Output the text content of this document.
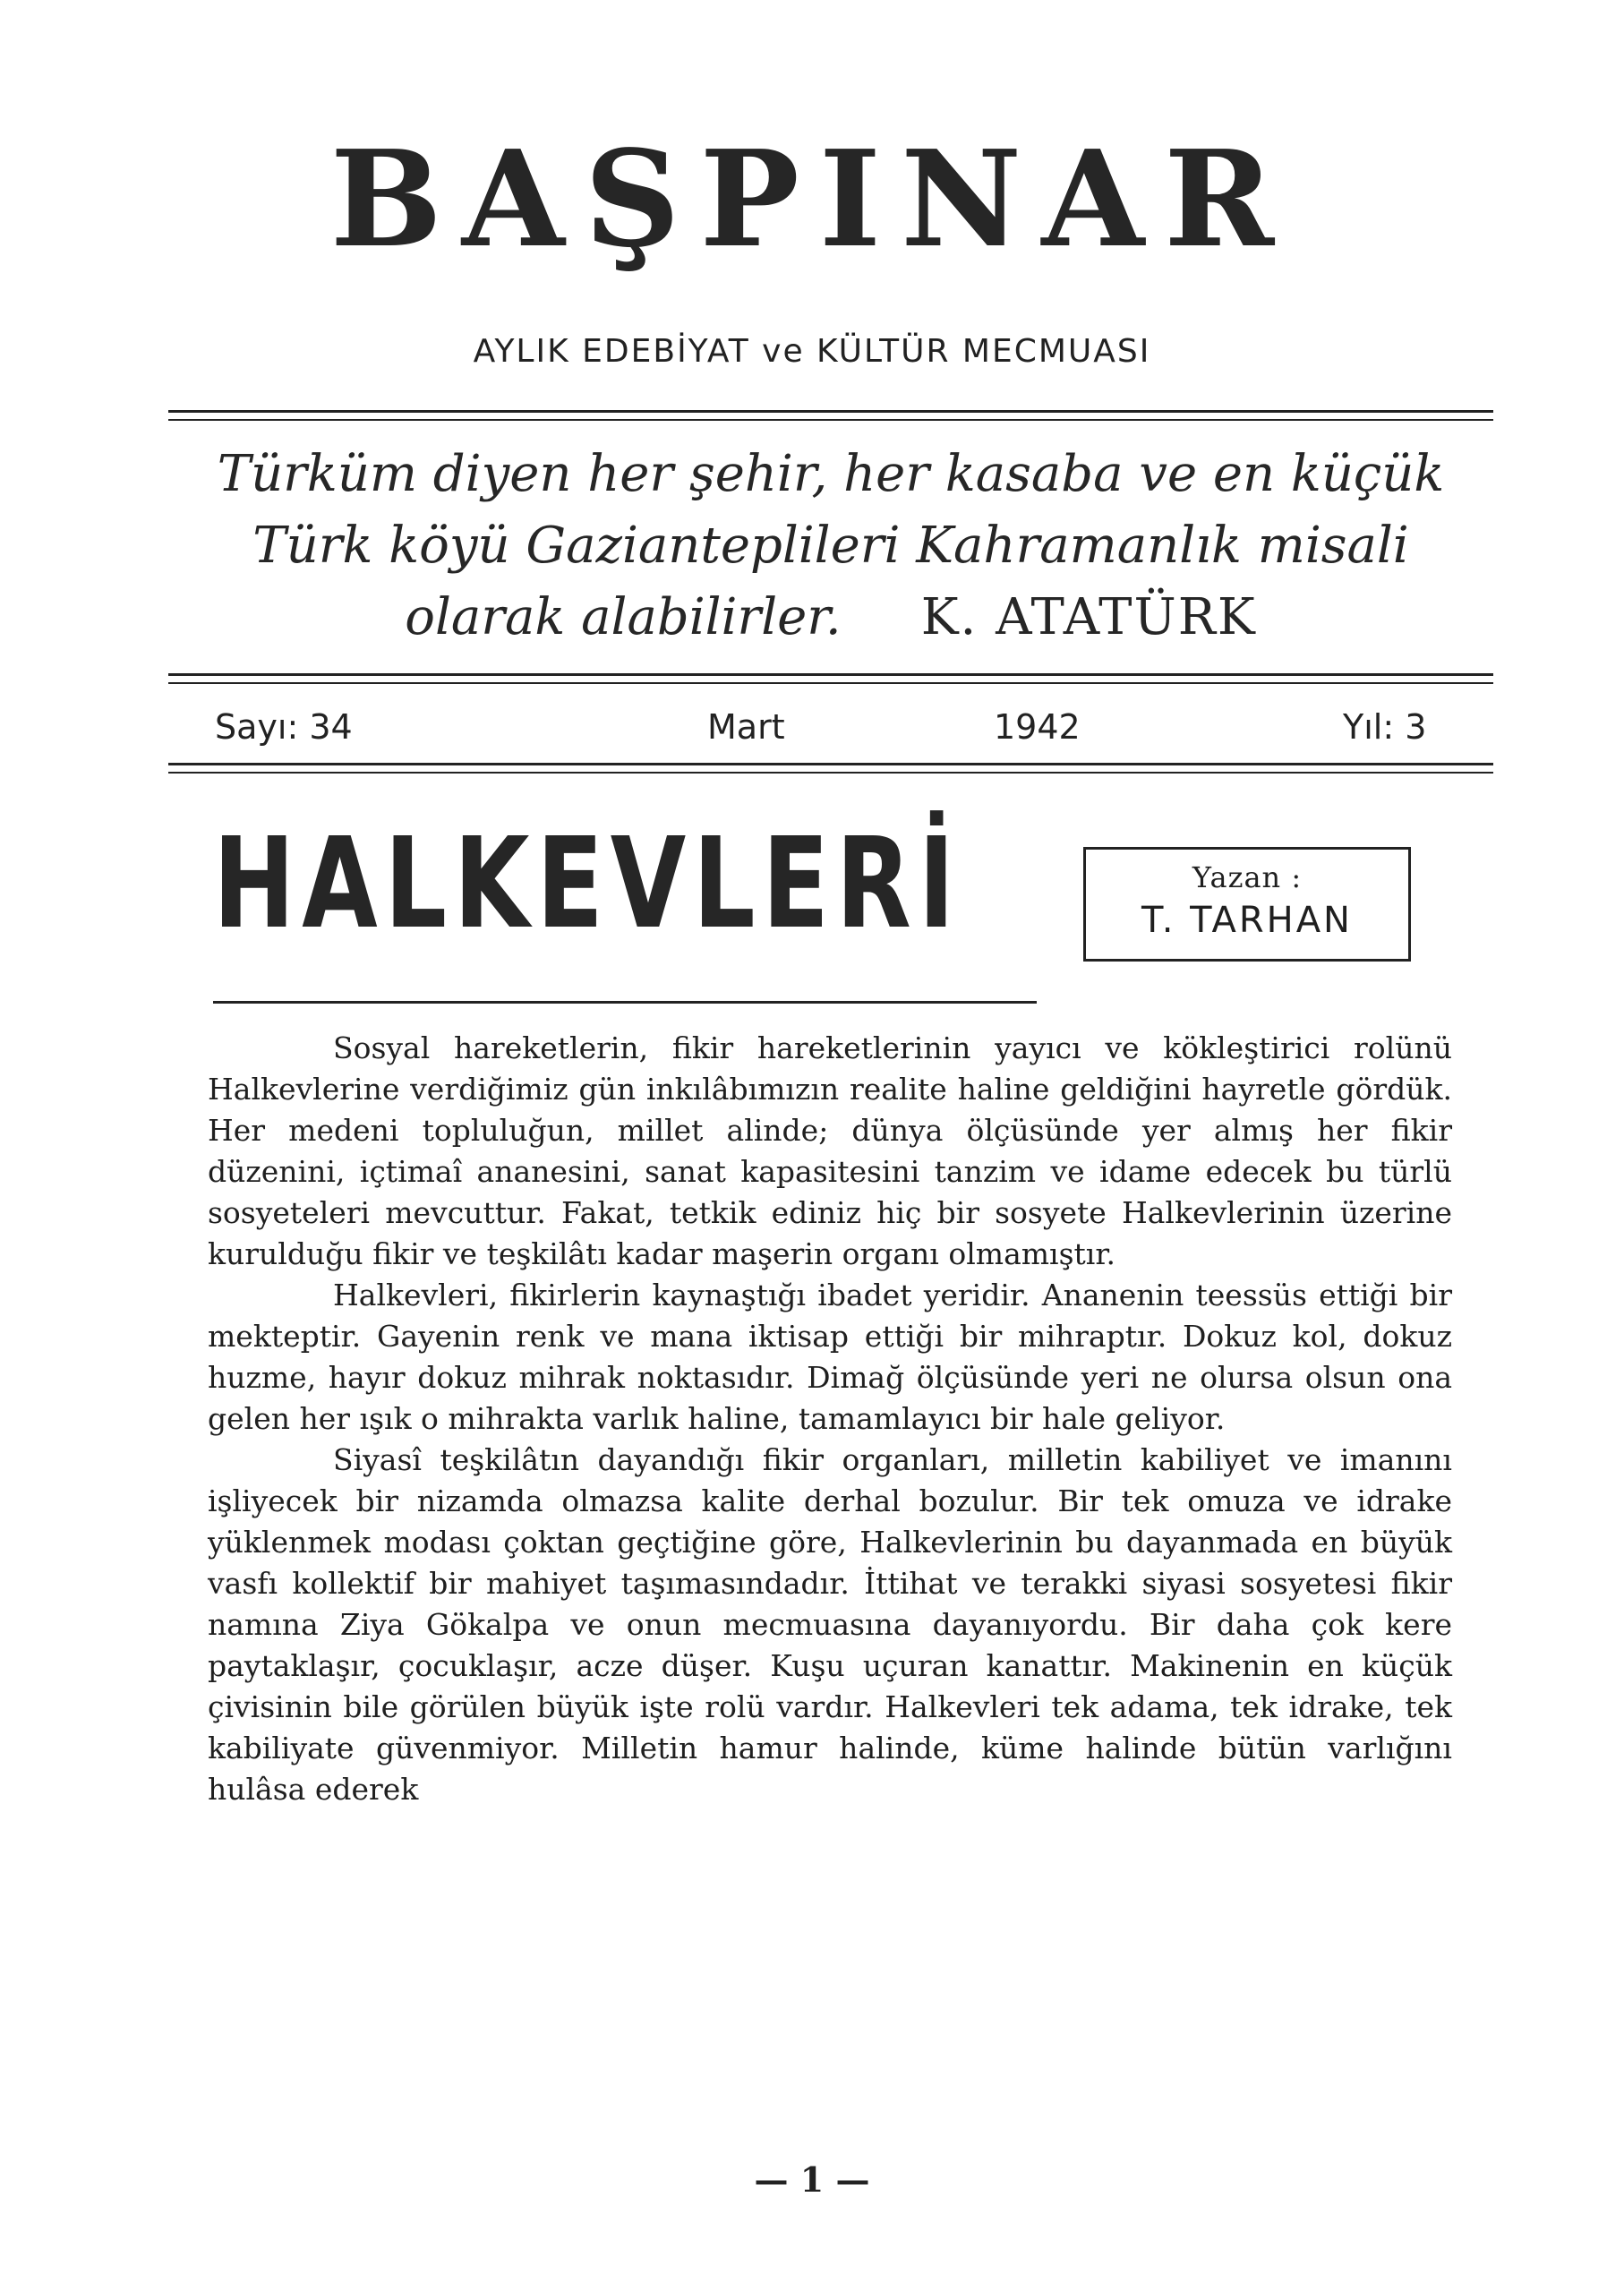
BAŞPINAR
AYLIK EDEBİYAT ve KÜLTÜR MECMUASI
Türküm diyen her şehir, her kasaba ve en küçük
Türk köyü Gazianteplileri Kahramanlık misali
olarak alabilirler. K. ATATÜRK
Sayı: 34	Mart	1942	Yıl: 3
HALKEVLERİ	Yazan :
T. TARHAN

Sosyal hareketlerin, fikir hareketlerinin yayıcı ve kökleştirici rolünü Halkevlerine verdiğimiz gün inkılâbımızın realite haline geldiğini hayretle gördük. Her medeni topluluğun, millet alinde; dünya ölçüsünde yer almış her fikir düzenini, içtimaî ananesini, sanat kapasitesini tanzim ve idame edecek bu türlü sosyeteleri mevcuttur. Fakat, tetkik ediniz hiç bir sosyete Halkevlerinin üzerine kurulduğu fikir ve teşkilâtı kadar maşerin organı olmamıştır.

Halkevleri, fikirlerin kaynaştığı ibadet yeridir. Ananenin teessüs ettiği bir mekteptir. Gayenin renk ve mana iktisap ettiği bir mihraptır. Dokuz kol, dokuz huzme, hayır dokuz mihrak noktasıdır. Dimağ ölçüsünde yeri ne olursa olsun ona gelen her ışık o mihrakta varlık haline, tamamlayıcı bir hale geliyor.

Siyasî teşkilâtın dayandığı fikir organları, milletin kabiliyet ve imanını işliyecek bir nizamda olmazsa kalite derhal bozulur. Bir tek omuza ve idrake yüklenmek modası çoktan geçtiğine göre, Halkevlerinin bu dayanmada en büyük vasfı kollektif bir mahiyet taşımasındadır. İttihat ve terakki siyasi sosyetesi fikir namına Ziya Gökalpa ve onun mecmuasına dayanıyordu. Bir daha çok kere paytaklaşır, çocuklaşır, acze düşer. Kuşu uçuran kanattır. Makinenin en küçük çivisinin bile görülen büyük işte rolü vardır. Halkevleri tek adama, tek idrake, tek kabiliyate güvenmiyor. Milletin hamur halinde, küme halinde bütün varlığını hulâsa ederek

— 1 —
